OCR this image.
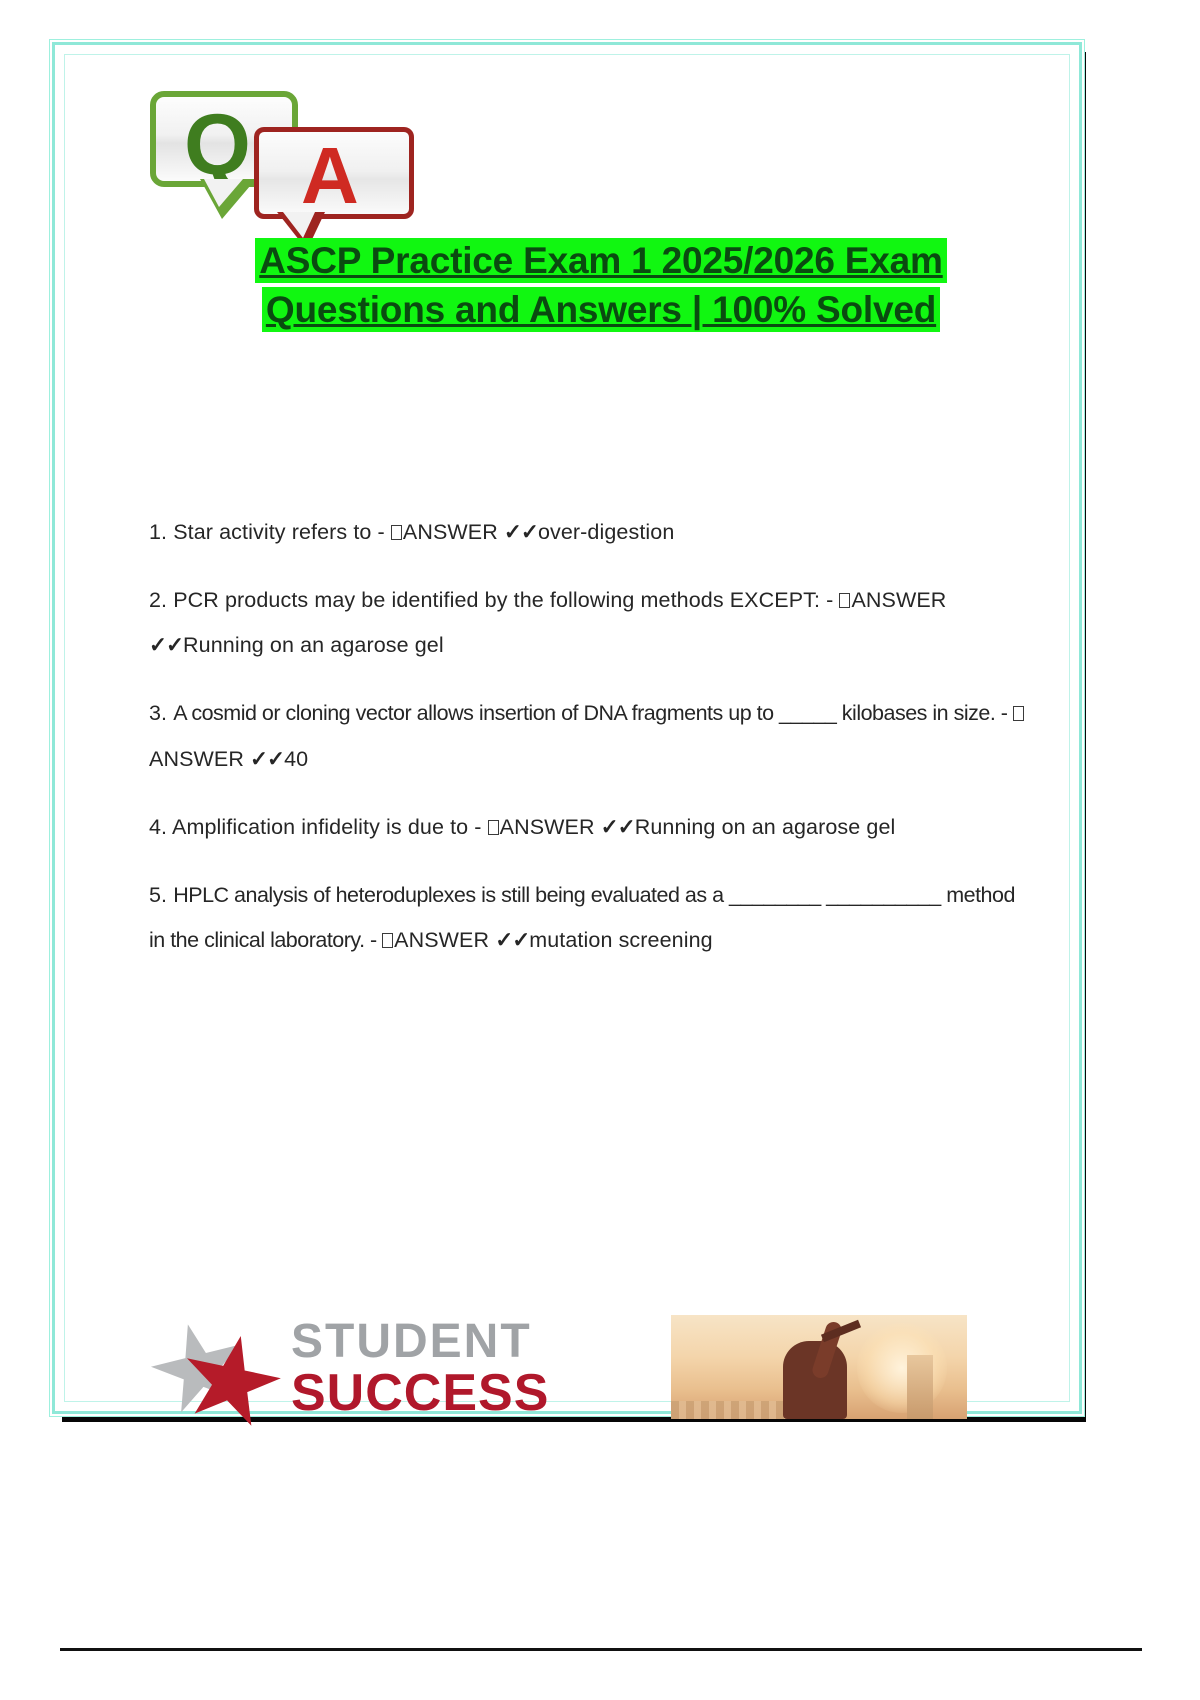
Q A
ASCP Practice Exam 1 2025/2026 Exam
Questions and Answers | 100% Solved

1. Star activity refers to - ANSWER ✓✓over-digestion

2. PCR products may be identified by the following methods EXCEPT: - ANSWER ✓✓Running on an agarose gel

3. A cosmid or cloning vector allows insertion of DNA fragments up to _____ kilobases in size. - ANSWER ✓✓40

4. Amplification infidelity is due to - ANSWER ✓✓Running on an agarose gel

5. HPLC analysis of heteroduplexes is still being evaluated as a ________ __________ method in the clinical laboratory. - ANSWER ✓✓mutation screening

STUDENT
SUCCESS
